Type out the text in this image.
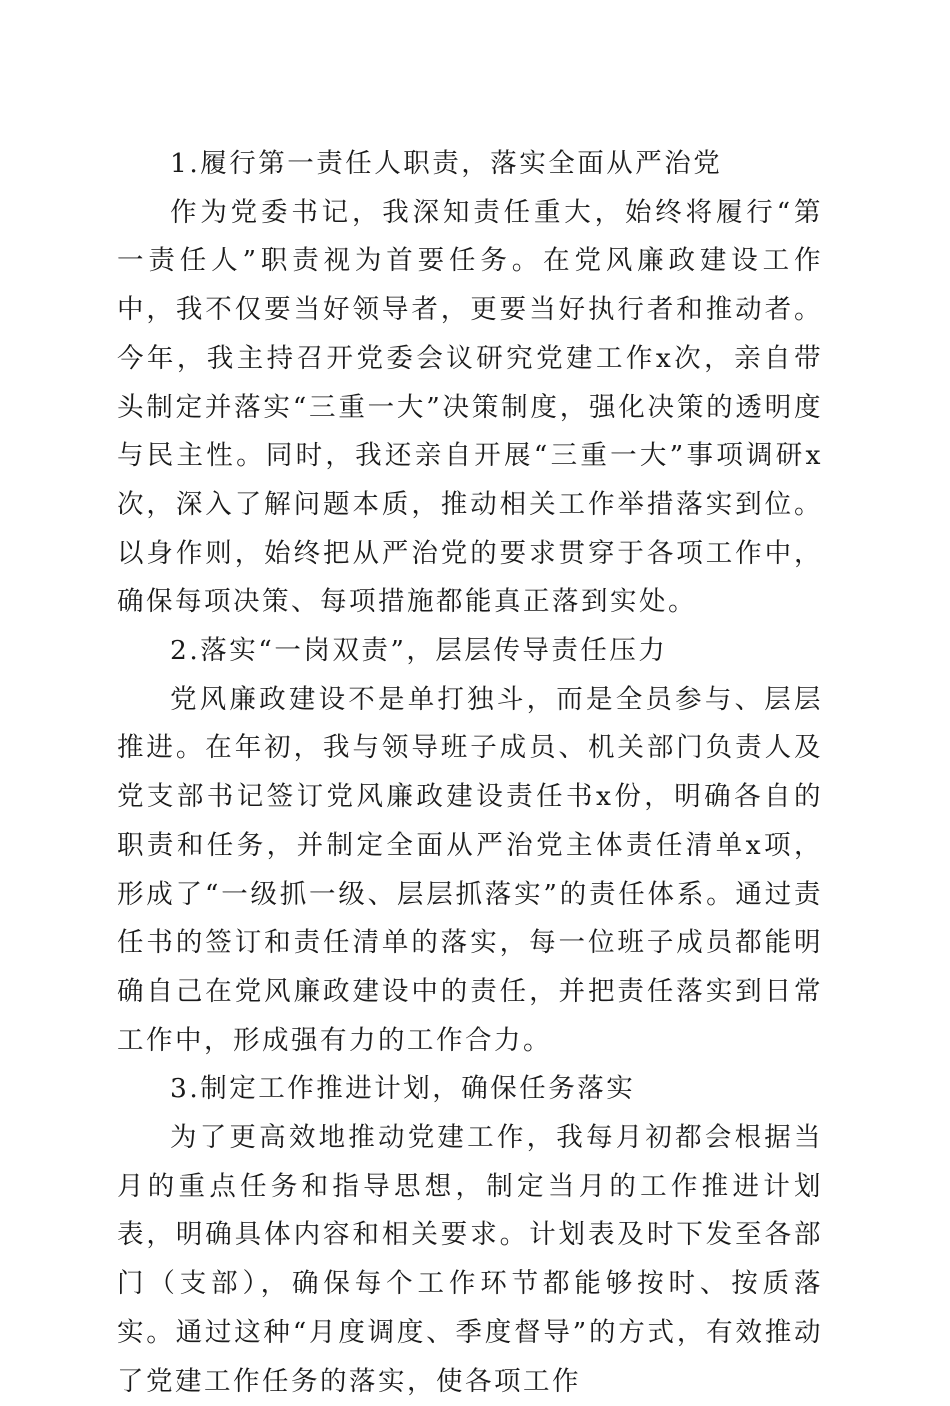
1.履行第一责任人职责，落实全面从严治党

作为党委书记，我深知责任重大，始终将履行“第一责任人”职责视为首要任务。在党风廉政建设工作中，我不仅要当好领导者，更要当好执行者和推动者。今年，我主持召开党委会议研究党建工作x次，亲自带头制定并落实“三重一大”决策制度，强化决策的透明度与民主性。同时，我还亲自开展“三重一大”事项调研x次，深入了解问题本质，推动相关工作举措落实到位。以身作则，始终把从严治党的要求贯穿于各项工作中，确保每项决策、每项措施都能真正落到实处。

2.落实“一岗双责”，层层传导责任压力

党风廉政建设不是单打独斗，而是全员参与、层层推进。在年初，我与领导班子成员、机关部门负责人及党支部书记签订党风廉政建设责任书x份，明确各自的职责和任务，并制定全面从严治党主体责任清单x项，形成了“一级抓一级、层层抓落实”的责任体系。通过责任书的签订和责任清单的落实，每一位班子成员都能明确自己在党风廉政建设中的责任，并把责任落实到日常工作中，形成强有力的工作合力。

3.制定工作推进计划，确保任务落实

为了更高效地推动党建工作，我每月初都会根据当月的重点任务和指导思想，制定当月的工作推进计划表，明确具体内容和相关要求。计划表及时下发至各部门（支部），确保每个工作环节都能够按时、按质落实。通过这种“月度调度、季度督导”的方式，有效推动了党建工作任务的落实，使各项工作
